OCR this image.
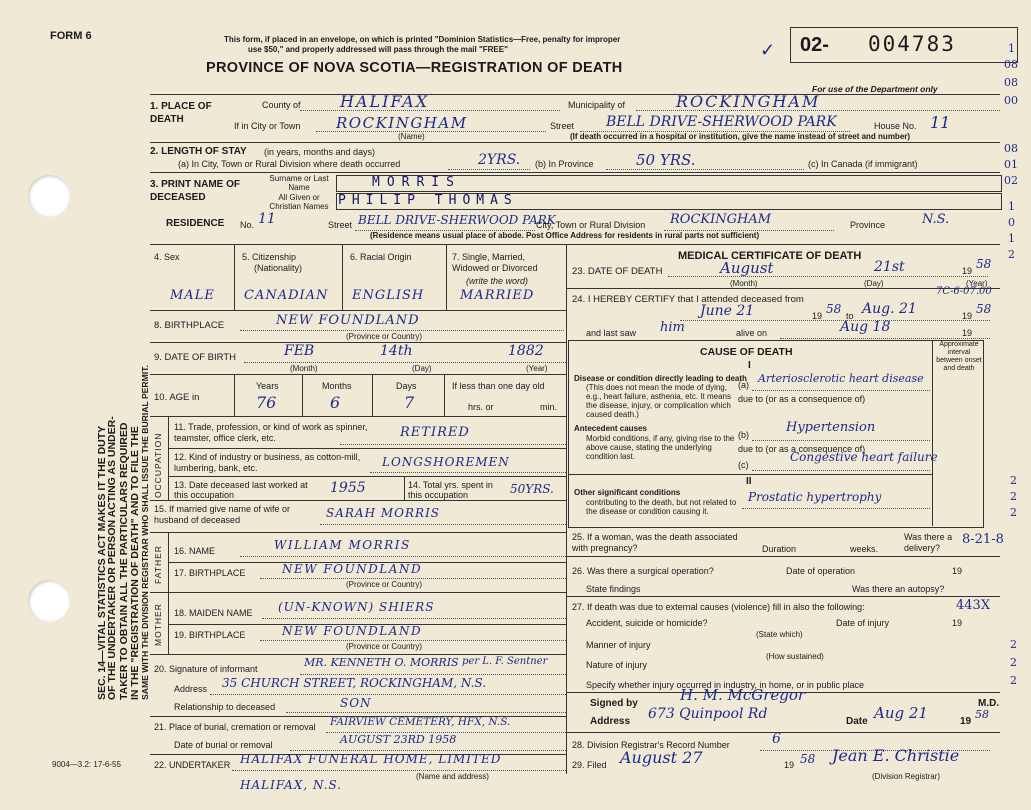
SEC. 14—VITAL STATISTICS ACT MAKES IT THE DUTY
OF THE UNDERTAKER OR PERSON ACTING AS UNDER- TAKER TO OBTAIN ALL THE PARTICULARS REQUIRED IN THE "REGISTRATION OF DEATH" AND TO FILE THE
FORM 6	This form, if placed in an envelope, on which is printed "Dominion Statistics—Free, penalty for improper
use $50," and properly addressed will pass through the mail "FREE"	02- 004783
✓
PROVINCE OF NOVA SCOTIA—REGISTRATION OF DEATH
For use of the Department only
1. PLACE OF DEATH
County of HALIFAX	Municipality of	ROCKINGHAM
If in City or Town ROCKINGHAM
(Name)
Street BELL DRIVE-SHERWOOD PARK	House No. 11
(If death occurred in a hospital or institution, give the name instead of street and number)
2. LENGTH OF STAY (in years, months and days)
(a) In City, Town or Rural Division where death occurred	2YRS. (b) In Province	50 YRS.	(c) In Canada (if immigrant)
3. PRINT NAME OF DECEASED
Surname or Last Name	MORRIS
All Given or Christian Names PHILIP THOMAS
RESIDENCE No. 11	Street BELL DRIVE-SHERWOOD PARK
City, Town or Rural Division ROCKINGHAM	Province	N.S.
(Residence means usual place of abode. Post Office Address for residents in rural parts not sufficient)
4. Sex	5. Citizenship
(Nationality)
6. Racial Origin	7. Single, Married, Widowed or Divorced
(write the word)
MALE CANADIAN ENGLISH	MARRIED
8. BIRTHPLACE	NEW FOUNDLAND
(Province or Country)
9. DATE OF BIRTH	FEB	14th	1882
(Month)	(Day)	(Year)
10. AGE in
Years	Months	Days
76	6	7
If less than one day old
hrs. or	min.
OCCUPATION
11. Trade, profession, or kind of work as spinner, teamster, office clerk, etc.	RETIRED
12. Kind of industry or business, as cotton-mill, lumbering, bank, etc.	LONGSHOREMEN
13. Date deceased last worked at this occupation	1955	14. Total yrs. spent in this occupation	50YRS.
15. If married give name of wife or husband of deceased	SARAH MORRIS
FATHER 16. NAME	WILLIAM MORRIS
17. BIRTHPLACE	NEW FOUNDLAND
(Province or Country)
MOTHER 18. MAIDEN NAME (UN-KNOWN) SHIERS
19. BIRTHPLACE	NEW FOUNDLAND
(Province or Country)
20. Signature of informant	MR. KENNETH O. MORRIS per L. F. Sentner
Address 35 CHURCH STREET, ROCKINGHAM, N.S.
Relationship to deceased	SON
21. Place of burial, cremation or removal FAIRVIEW CEMETERY, HFX, N.S.
Date of burial or removal	AUGUST 23RD 1958
22. UNDERTAKER HALIFAX FUNERAL HOME, LIMITED
(Name and address)
HALIFAX, N.S.
9004—3.2: 17-6-55
MEDICAL CERTIFICATE OF DEATH
23. DATE OF DEATH	August	21st	19 58
(Month)	(Day)	(Year)
24. I HEREBY CERTIFY that I attended deceased from
7C-6-07.00
June 21	19 58 to Aug. 21	19 58
and last saw him	alive on	Aug 18	19
CAUSE OF DEATH
Approximate interval between onset and death
I
Disease or condition directly leading to death
(This does not mean the mode of dying, e.g., heart failure, asthenia, etc. It means the disease, injury, or complication which caused death.)
(a) Arteriosclerotic heart disease
due to (or as a consequence of)
Antecedent causes
Morbid conditions, if any, giving rise to the above cause, stating the underlying condition last.
(b)	Hypertension
due to (or as a consequence of)
(c)
Congestive heart failure
II
Other significant conditions
contributing to the death, but not related to the disease or condition causing it.
Prostatic hypertrophy
25. If a woman, was the death associated with pregnancy?	Duration	weeks.
Was there a delivery?
26. Was there a surgical operation?	Date of operation	19
State findings	Was there an autopsy?
27. If death was due to external causes (violence) fill in also the following:
Accident, suicide or homicide?
(State which)
Date of injury	19
Manner of injury
(How sustained)
Nature of injury
Specify whether injury occurred in industry, in home, or in public place
Signed by	H. M. McGregor	M.D.
Address 673 Quinpool Rd	Date Aug 21	19
58
28. Division Registrar's Record Number	6
29. Filed August 27	19 58 Jean E. Christie
(Division Registrar)
1
08
08
00
08
01
02
1
0
1
2
8-21-8
443X
2
2
2
2
2
2
SAME WITH THE DIVISION REGISTRAR WHO SHALL ISSUE THE BURIAL PERMIT.
